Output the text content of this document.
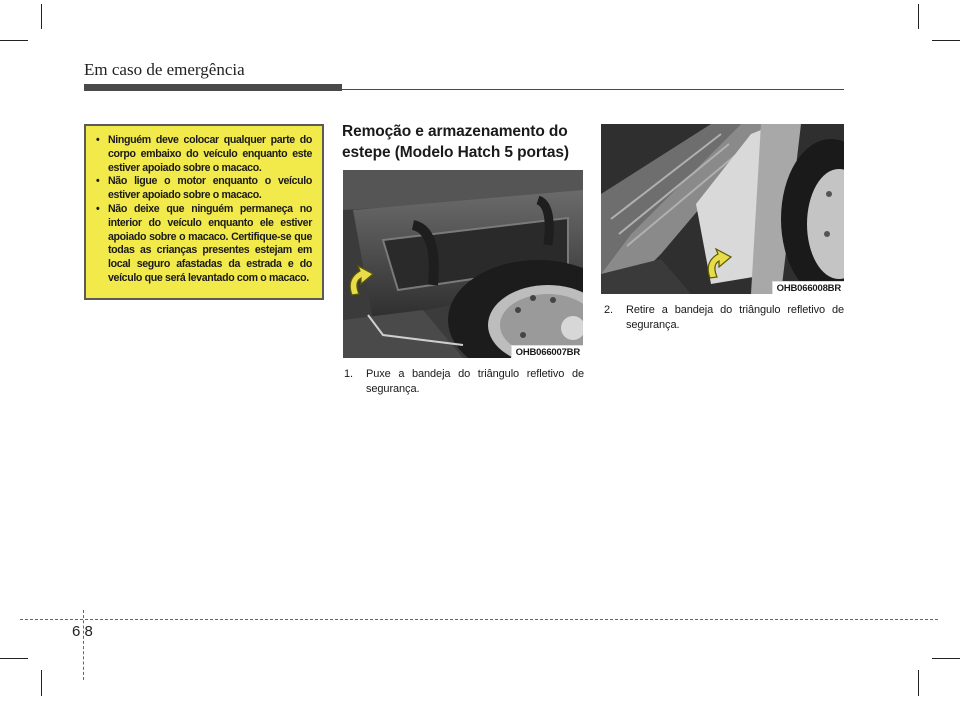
Em caso de emergência
• Ninguém deve colocar qualquer parte do corpo embaixo do veículo enquanto este estiver apoiado sobre o macaco.
• Não ligue o motor enquanto o veículo estiver apoiado sobre o macaco.
• Não deixe que ninguém permaneça no interior do veículo enquanto ele estiver apoiado sobre o macaco. Certifique-se que todas as crianças presentes estejam em local seguro afastadas da estrada e do veículo que será levantado com o macaco.
Remoção e armazenamento do estepe (Modelo Hatch 5 portas)
OHB066007BR
1.	Puxe a bandeja do triângulo refletivo de segurança.
OHB066008BR
2.	Retire a bandeja do triângulo refletivo de segurança.
6 8
